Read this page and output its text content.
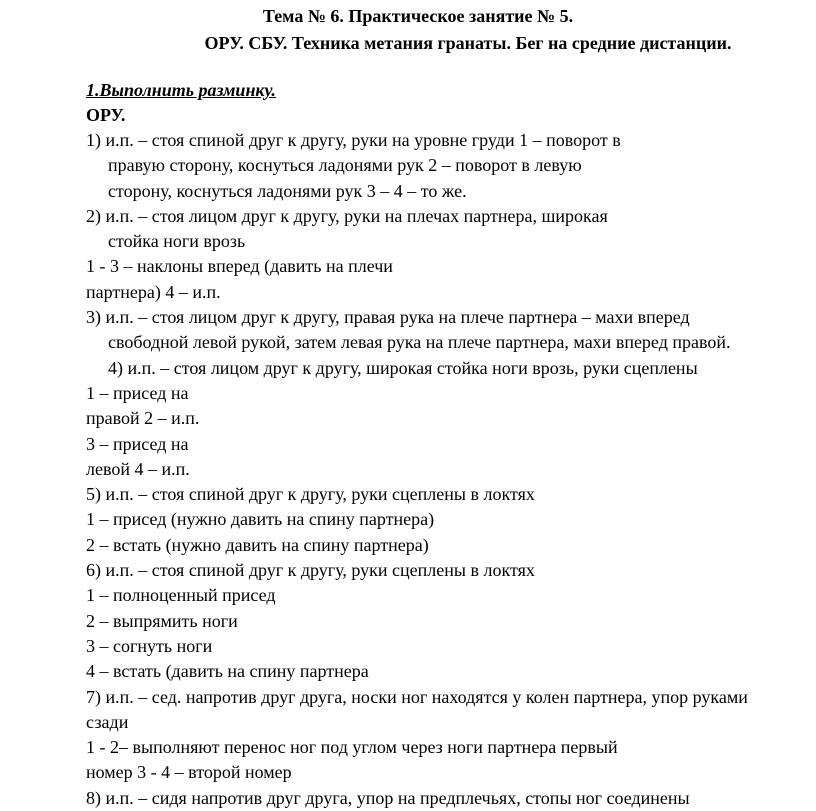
Тема № 6. Практическое занятие № 5.
ОРУ. СБУ. Техника метания гранаты. Бег на средние дистанции.
1.Выполнить разминку.
ОРУ.
1) и.п. – стоя спиной друг к другу, руки на уровне груди 1 – поворот в
правую сторону, коснуться ладонями рук 2 – поворот в левую
сторону, коснуться ладонями рук 3 – 4 – то же.
2) и.п. – стоя лицом друг к другу, руки на плечах партнера, широкая
стойка ноги врозь
1 - 3 – наклоны вперед (давить на плечи
партнера) 4 – и.п.
3) и.п. – стоя лицом друг к другу, правая рука на плече партнера – махи вперед
свободной левой рукой, затем левая рука на плече партнера, махи вперед правой.
4) и.п. – стоя лицом друг к другу, широкая стойка ноги врозь, руки сцеплены
1 – присед на
правой 2 – и.п.
3 – присед на
левой 4 – и.п.
5) и.п. – стоя спиной друг к другу, руки сцеплены в локтях
1 – присед (нужно давить на спину партнера)
2 – встать (нужно давить на спину партнера)
6) и.п. – стоя спиной друг к другу, руки сцеплены в локтях
1 – полноценный присед
2 – выпрямить ноги
3 – согнуть ноги
4 – встать (давить на спину партнера
7) и.п. – сед. напротив друг друга, носки ног находятся у колен партнера, упор руками
сзади
1 - 2– выполняют перенос ног под углом через ноги партнера первый
номер 3 - 4 – второй номер
8) и.п. – сидя напротив друг друга, упор на предплечьях, стопы ног соединены
